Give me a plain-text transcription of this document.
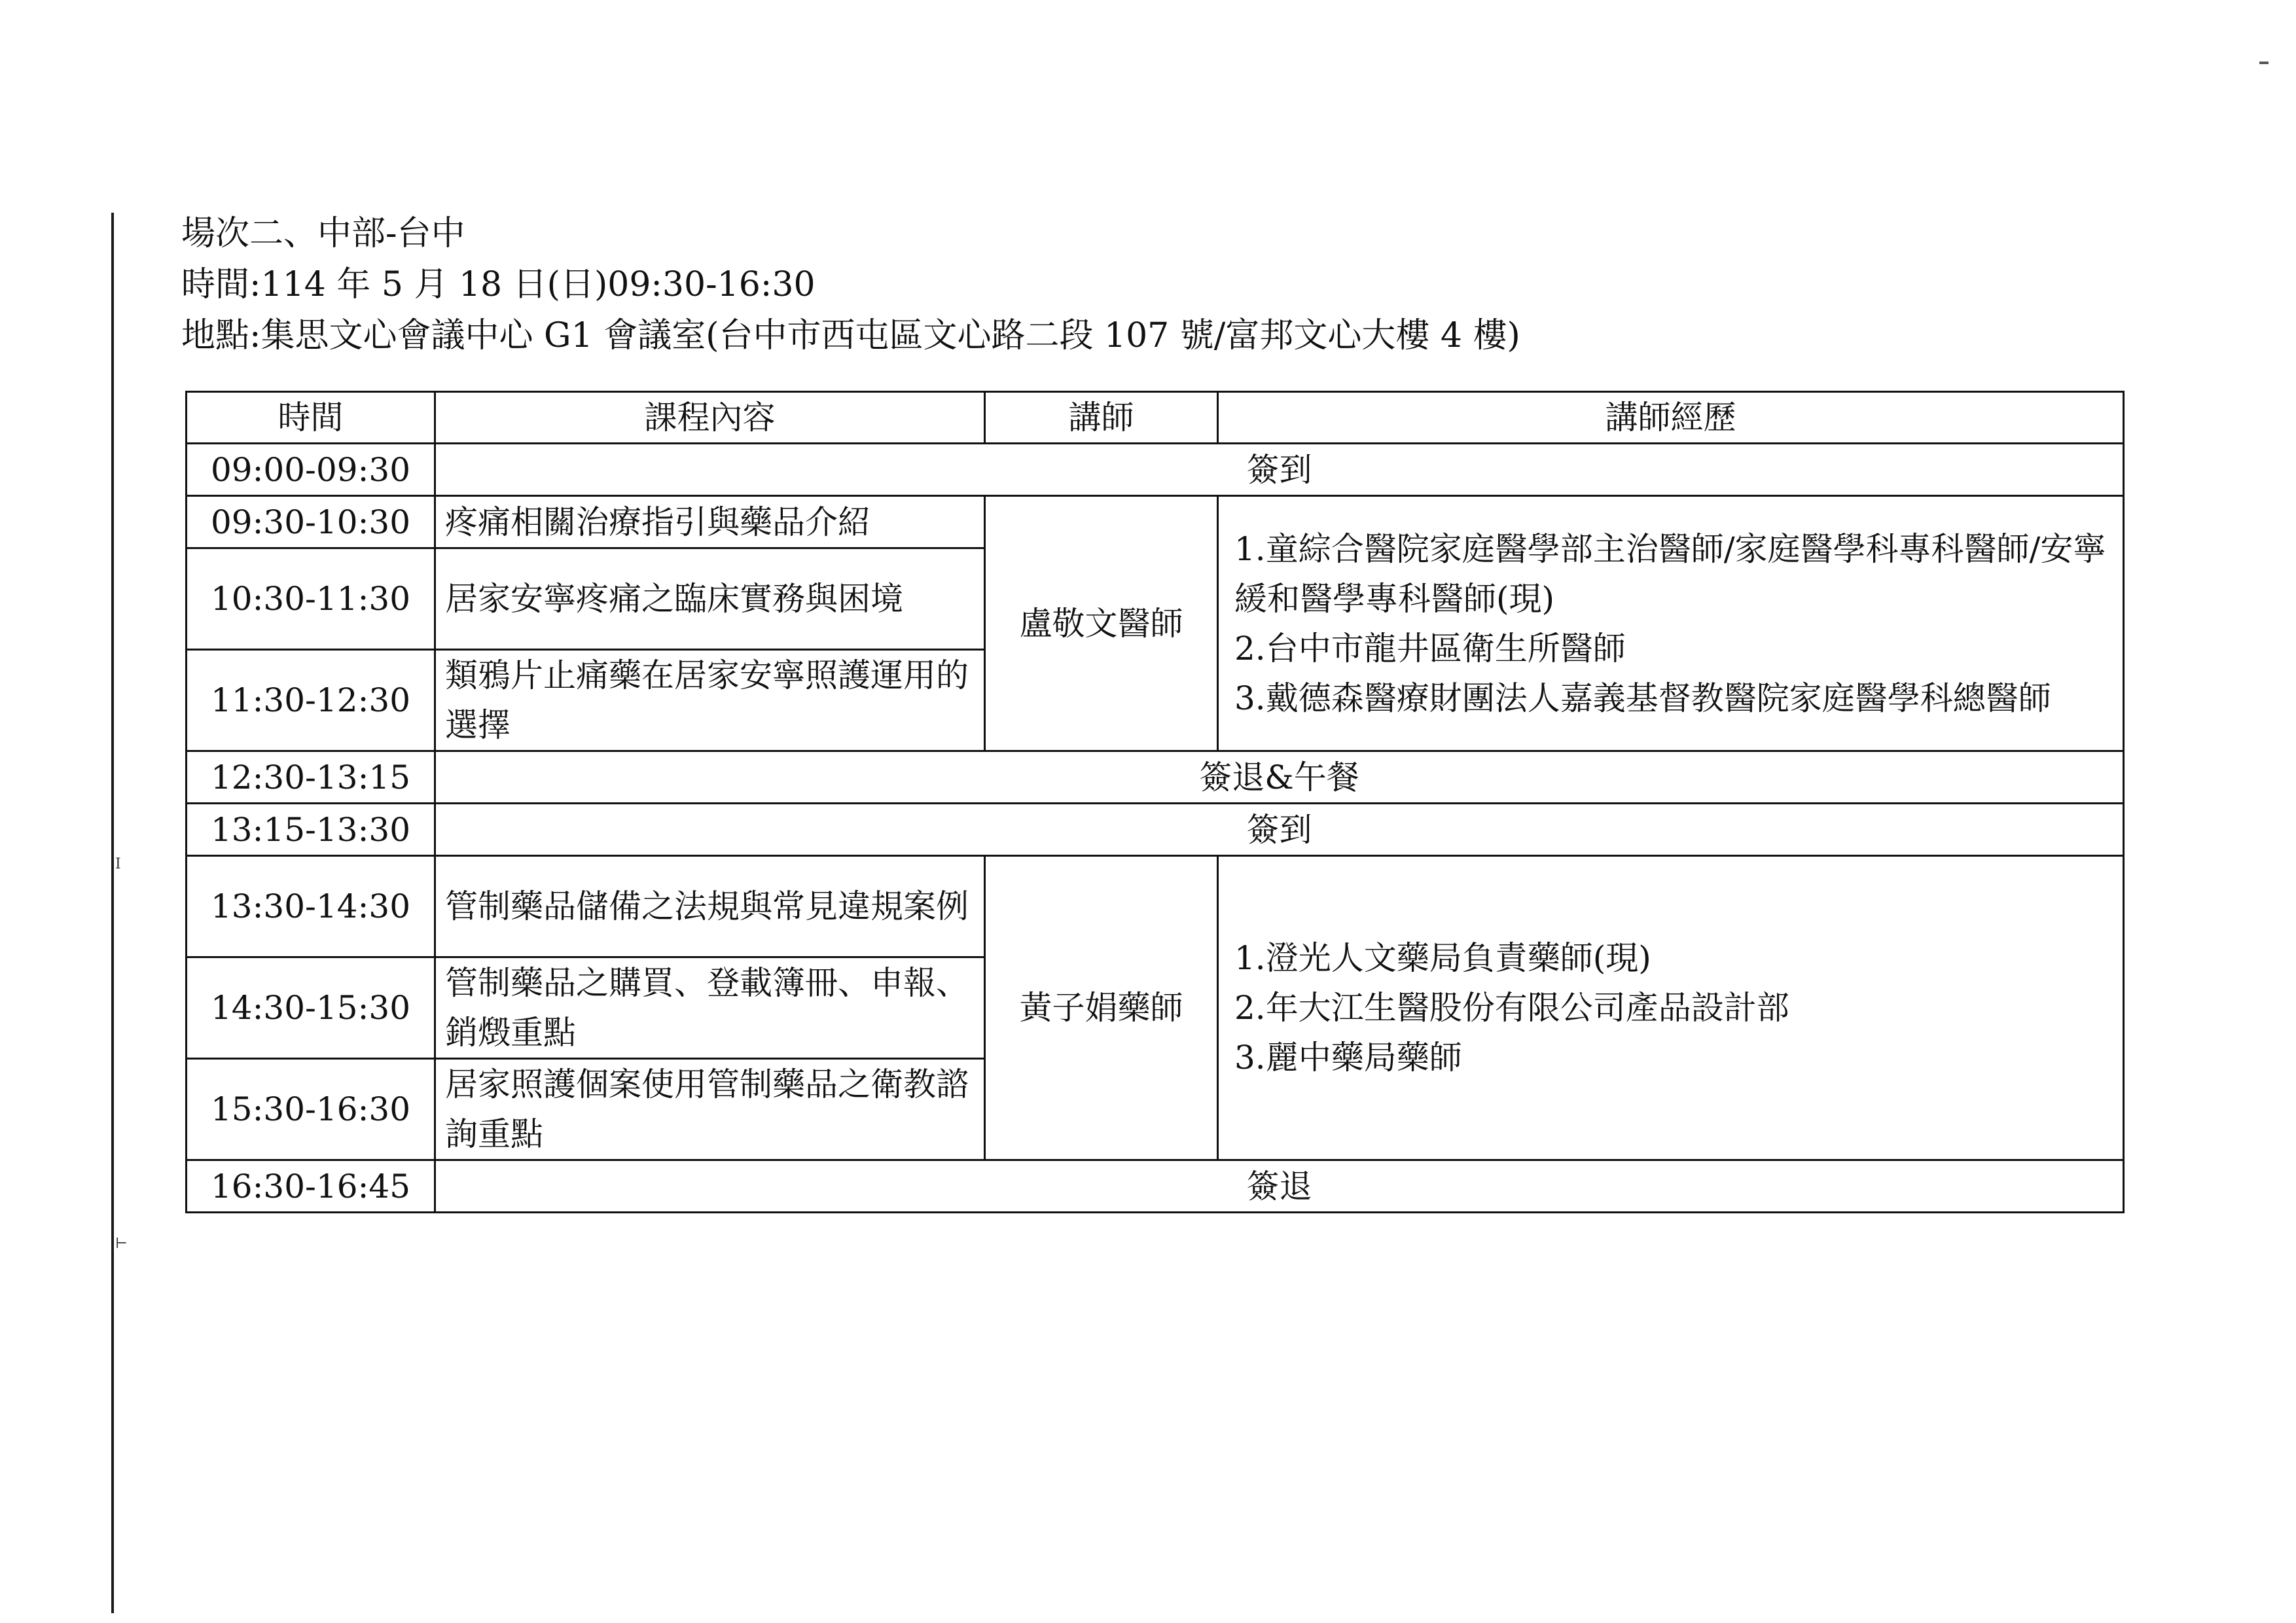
I
⊢
場次二、中部-台中
時間:114 年 5 月 18 日(日)09:30-16:30
地點:集思文心會議中心 G1 會議室(台中市西屯區文心路二段 107 號/富邦文心大樓 4 樓)
時間	課程內容	講師	講師經歷
09:00-09:30	簽到		
09:30-10:30	疼痛相關治療指引與藥品介紹	盧敬文醫師	1.童綜合醫院家庭醫學部主治醫師/家庭醫學科專科醫師/安寧緩和醫學專科醫師(現)
2.台中市龍井區衛生所醫師
3.戴德森醫療財團法人嘉義基督教醫院家庭醫學科總醫師

10:30-11:30	居家安寧疼痛之臨床實務與困境		
11:30-12:30	類鴉片止痛藥在居家安寧照護運用的選擇		
12:30-13:15	簽退&午餐		
13:15-13:30	簽到		
13:30-14:30	管制藥品儲備之法規與常見違規案例	黃子娟藥師	1.澄光人文藥局負責藥師(現)
2.年大江生醫股份有限公司產品設計部
3.麗中藥局藥師

14:30-15:30	管制藥品之購買、登載簿冊、申報、銷燬重點		
15:30-16:30	居家照護個案使用管制藥品之衛教諮詢重點		
16:30-16:45	簽退		
